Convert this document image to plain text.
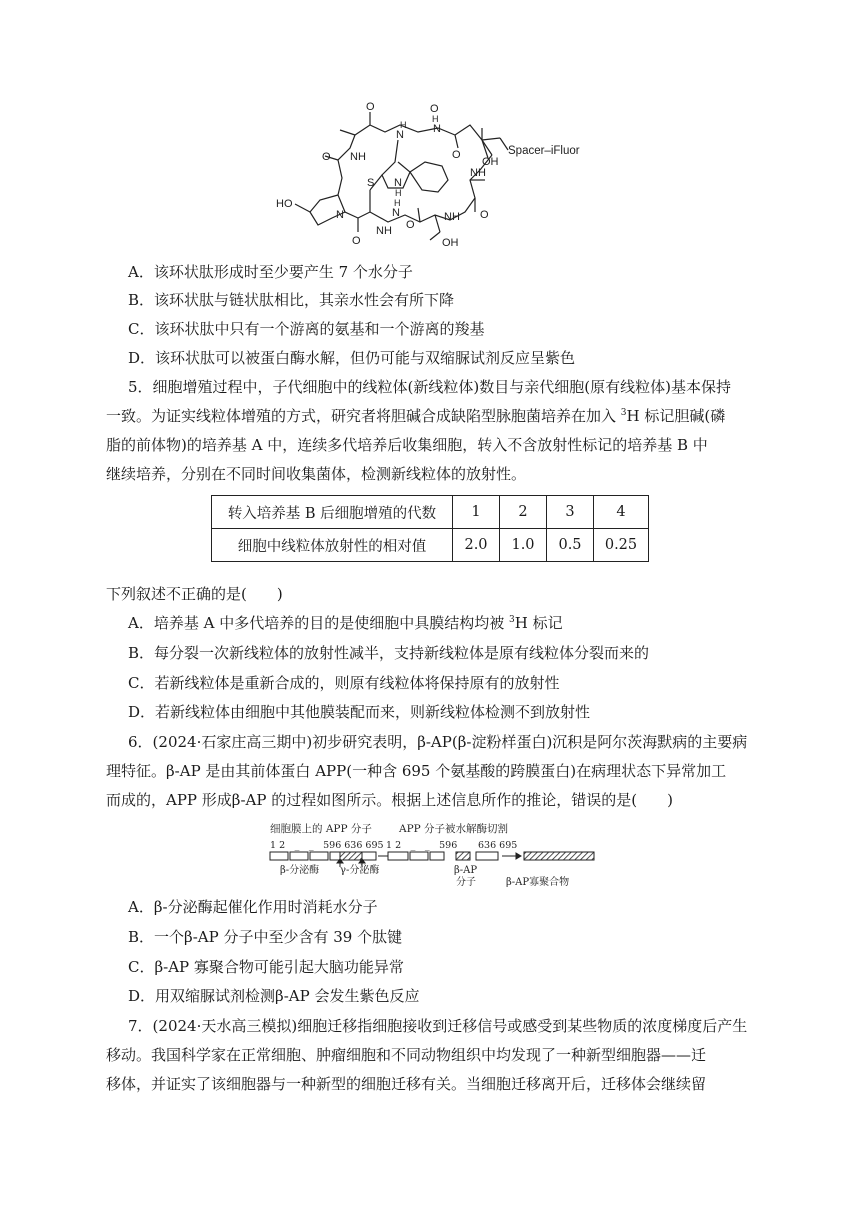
O	O
N
H N
H
O NH	OH
O
NH
S N
H
NH
HO
N
NH O
N
H
O
O
OH
Spacer–iFluor
A．该环状肽形成时至少要产生 7 个水分子
B．该环状肽与链状肽相比，其亲水性会有所下降
C．该环状肽中只有一个游离的氨基和一个游离的羧基
D．该环状肽可以被蛋白酶水解，但仍可能与双缩脲试剂反应呈紫色
5．细胞增殖过程中，子代细胞中的线粒体(新线粒体)数目与亲代细胞(原有线粒体)基本保持
一致。为证实线粒体增殖的方式，研究者将胆碱合成缺陷型脉胞菌培养在加入 $^3$H 标记胆碱(磷
脂的前体物)的培养基 A 中，连续多代培养后收集细胞，转入不含放射性标记的培养基 B 中
继续培养，分别在不同时间收集菌体，检测新线粒体的放射性。
转入培养基 B 后细胞增殖的代数	1	2	3	4
细胞中线粒体放射性的相对值	2.0	1.0	0.5	0.25
下列叙述不正确的是(　　)
A．培养基 A 中多代培养的目的是使细胞中具膜结构均被 $^3$H 标记
B．每分裂一次新线粒体的放射性减半，支持新线粒体是原有线粒体分裂而来的
C．若新线粒体是重新合成的，则原有线粒体将保持原有的放射性
D．若新线粒体由细胞中其他膜装配而来，则新线粒体检测不到放射性
6．(2024·石家庄高三期中)初步研究表明，β-AP(β-淀粉样蛋白)沉积是阿尔茨海默病的主要病
理特征。β-AP 是由其前体蛋白 APP(一种含 695 个氨基酸的跨膜蛋白)在病理状态下异常加工
而成的，APP 形成β-AP 的过程如图所示。根据上述信息所作的推论，错误的是(　　)
细胞膜上的 APP 分子	APP 分子被水解酶切割
1 2　_　_　596 636 695 1 2　_　_　596 636 695
β-分泌酶 γ-分泌酶	β-AP
分子	β-AP寡聚合物
A．β-分泌酶起催化作用时消耗水分子
B．一个β-AP 分子中至少含有 39 个肽键
C．β-AP 寡聚合物可能引起大脑功能异常
D．用双缩脲试剂检测β-AP 会发生紫色反应
7．(2024·天水高三模拟)细胞迁移指细胞接收到迁移信号或感受到某些物质的浓度梯度后产生
移动。我国科学家在正常细胞、肿瘤细胞和不同动物组织中均发现了一种新型细胞器——迁
移体，并证实了该细胞器与一种新型的细胞迁移有关。当细胞迁移离开后，迁移体会继续留
